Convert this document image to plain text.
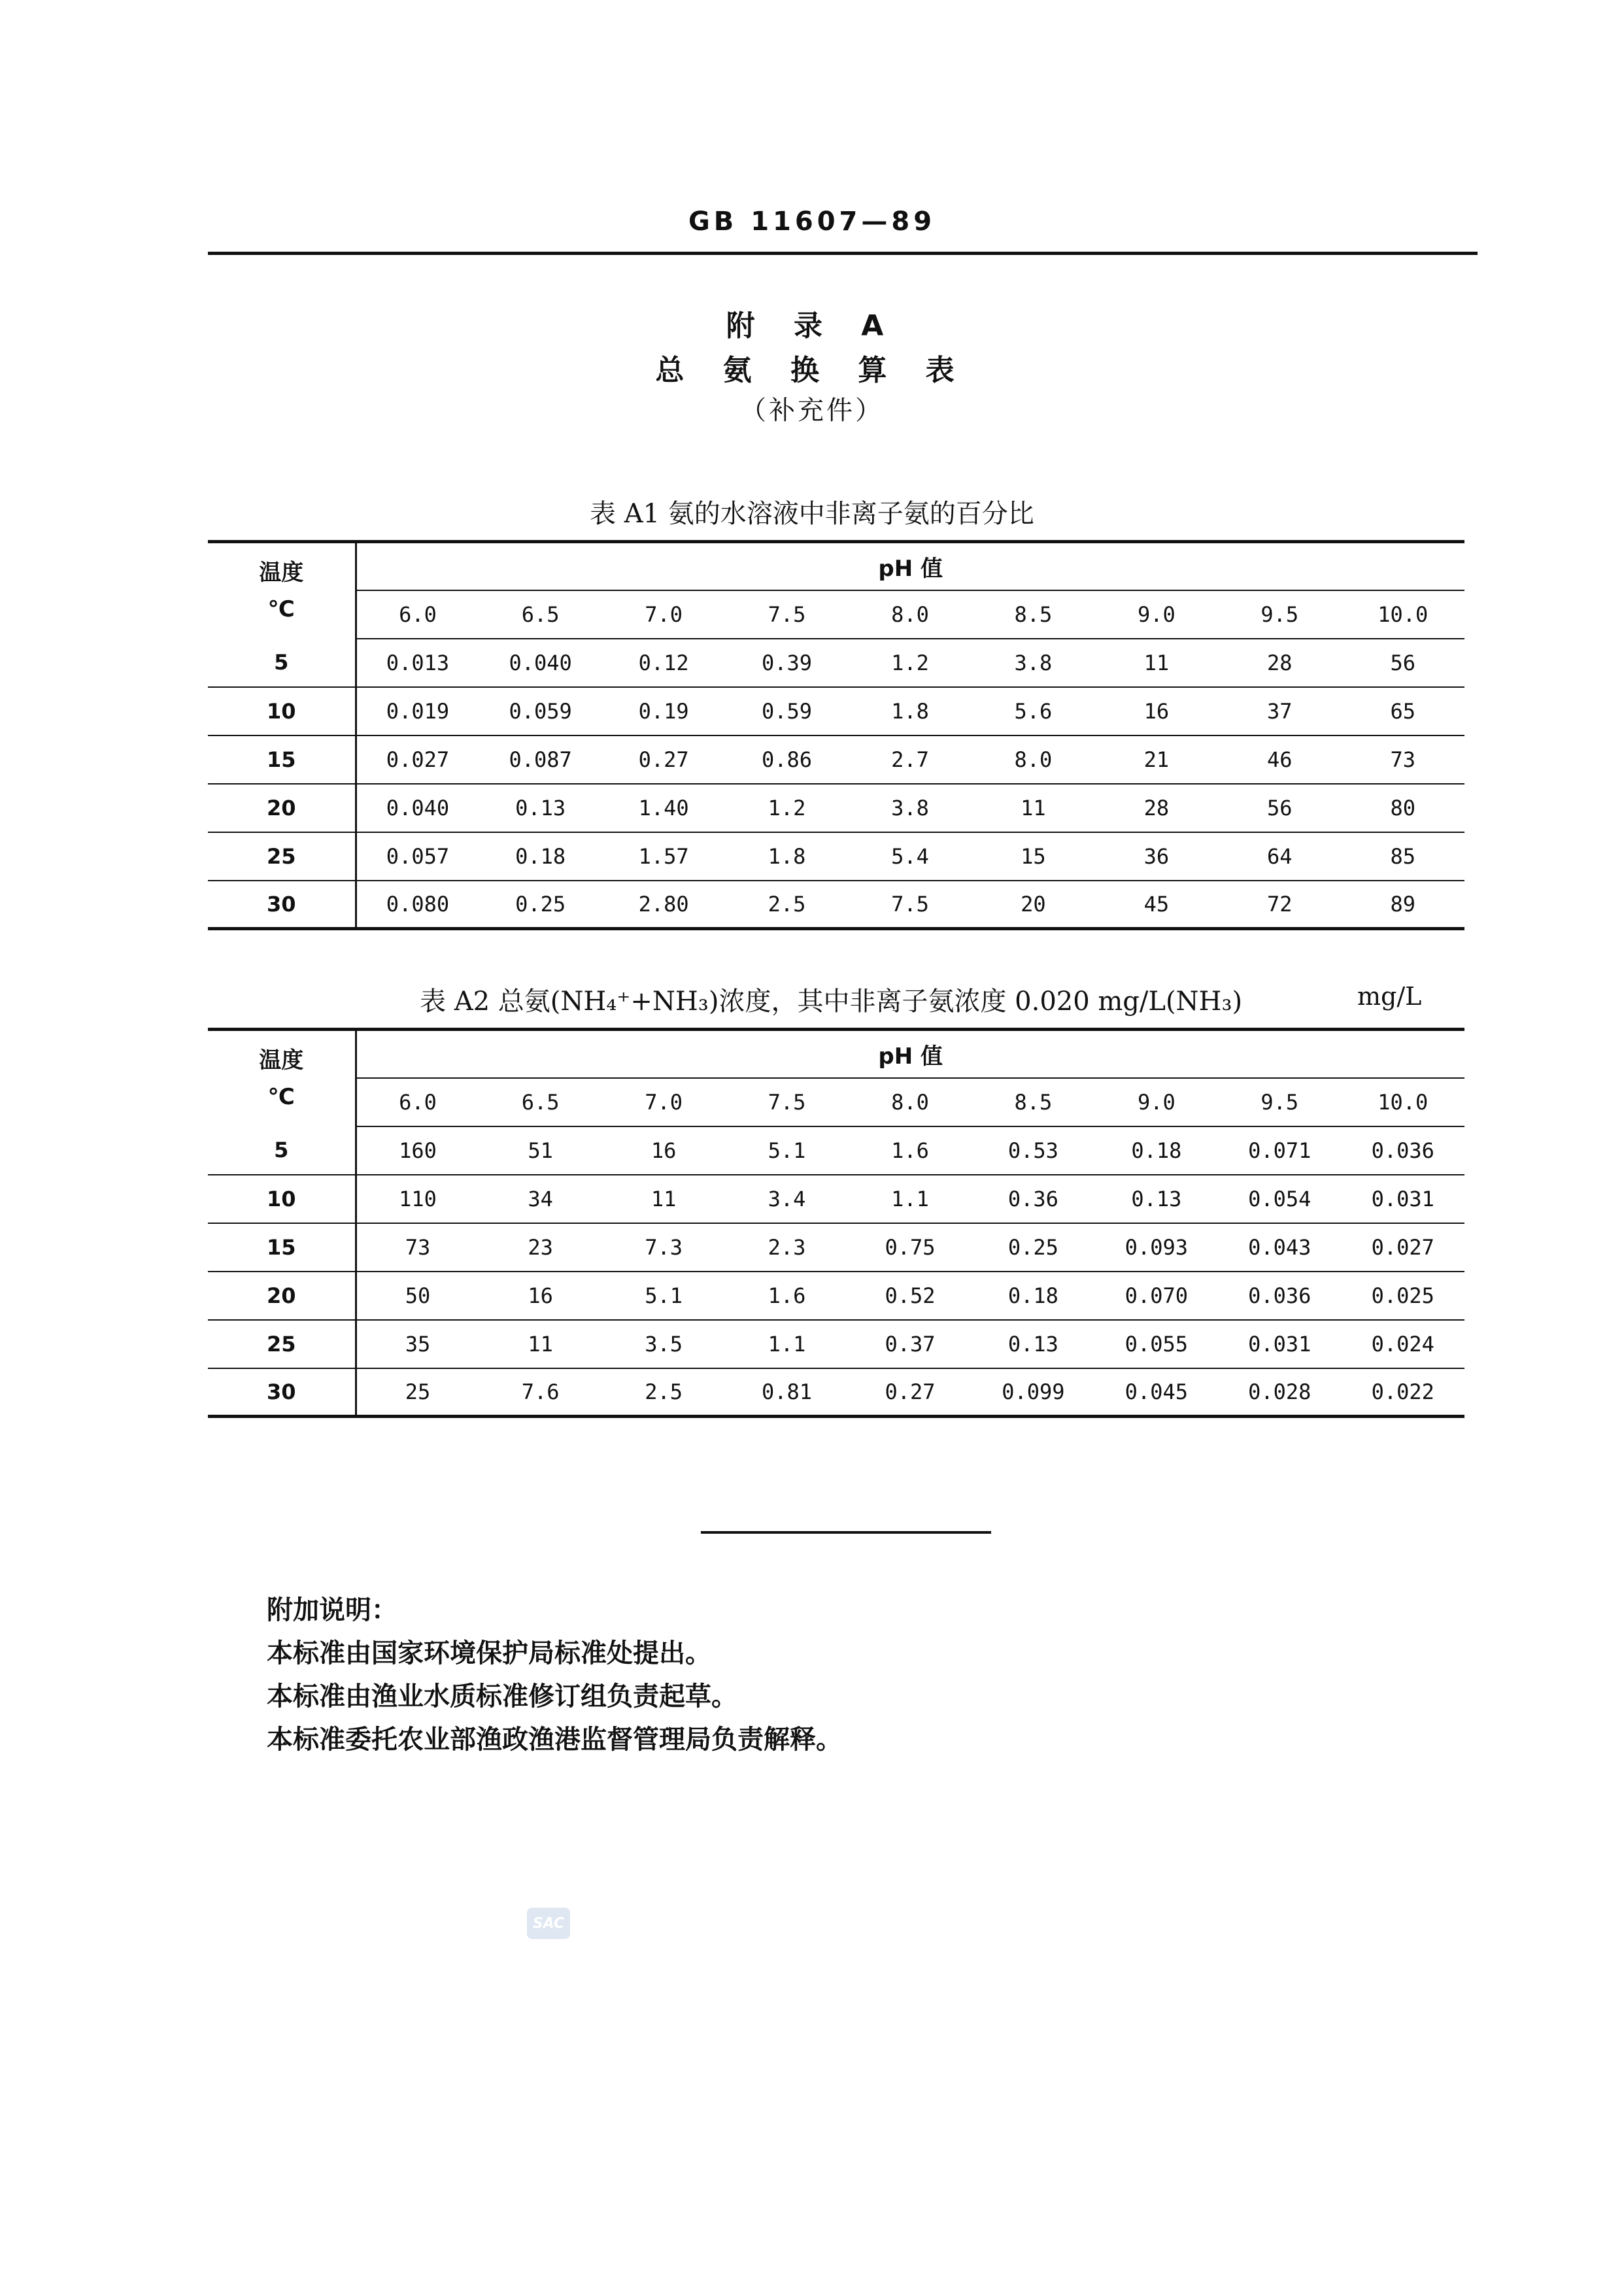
GB 11607—89
附 录 A
总 氨 换 算 表
（补充件）
表 A1 氨的水溶液中非离子氨的百分比
温度
℃	pH 值								
	6.0	6.5	7.0	7.5	8.0	8.5	9.0	9.5	10.0
5	0.013	0.040	0.12	0.39	1.2	3.8	11	28	56
10	0.019	0.059	0.19	0.59	1.8	5.6	16	37	65
15	0.027	0.087	0.27	0.86	2.7	8.0	21	46	73
20	0.040	0.13	1.40	1.2	3.8	11	28	56	80
25	0.057	0.18	1.57	1.8	5.4	15	36	64	85
30	0.080	0.25	2.80	2.5	7.5	20	45	72	89
表 A2 总氨(NH₄⁺+NH₃)浓度，其中非离子氨浓度 0.020 mg/L(NH₃)	mg/L
温度
℃	pH 值								
	6.0	6.5	7.0	7.5	8.0	8.5	9.0	9.5	10.0
5	160	51	16	5.1	1.6	0.53	0.18	0.071	0.036
10	110	34	11	3.4	1.1	0.36	0.13	0.054	0.031
15	73	23	7.3	2.3	0.75	0.25	0.093	0.043	0.027
20	50	16	5.1	1.6	0.52	0.18	0.070	0.036	0.025
25	35	11	3.5	1.1	0.37	0.13	0.055	0.031	0.024
30	25	7.6	2.5	0.81	0.27	0.099	0.045	0.028	0.022
附加说明：
本标准由国家环境保护局标准处提出。
本标准由渔业水质标准修订组负责起草。
本标准委托农业部渔政渔港监督管理局负责解释。
SAC
